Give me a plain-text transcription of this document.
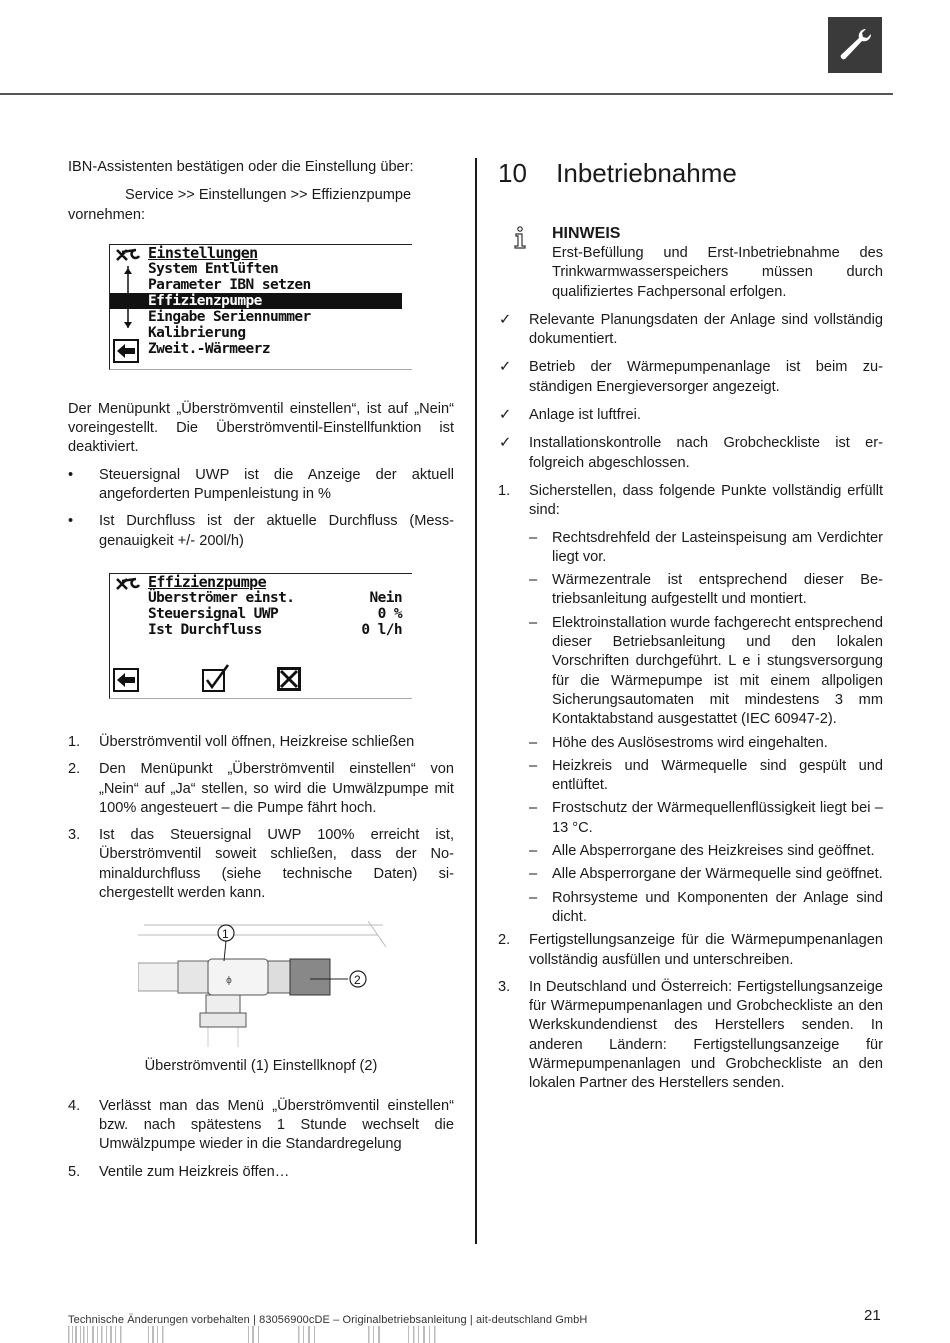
IBN-Assistenten bestätigen oder die Einstellung über:

Service >> Einstellungen >> Effizienzpumpe

vornehmen:

Einstellungen
System Entlüften
Parameter IBN setzen
Effizienzpumpe
Eingabe Seriennummer
Kalibrierung
Zweit.-Wärmeerz

Der Menüpunkt „Überströmventil einstellen“, ist auf „Nein“ voreingestellt. Die Überströmventil-Einstellfunktion ist deaktiviert.

• Steuersignal UWP ist die Anzeige der aktuell angeforderten Pumpenleistung in %
• Ist Durchfluss ist der aktuelle Durchfluss (Messgenauigkeit +/- 200l/h)
Effizienzpumpe
Überströmer einst.	Nein
Steuersignal UWP	0 %
Ist Durchfluss	0 l/h
1. Überströmventil voll öffnen, Heizkreise schließen
2. Den Menüpunkt „Überströmventil einstellen“ von „Nein“ auf „Ja“ stellen, so wird die Umwälzpumpe mit 100% angesteuert – die Pumpe fährt hoch.
3. Ist das Steuersignal UWP 100% erreicht ist, Überströmventil soweit schließen, dass der Nominaldurchfluss (siehe technische Daten) sichergestellt werden kann.
ɸ
1
2

Überströmventil (1) Einstellknopf (2)

4. Verlässt man das Menü „Überströmventil einstellen“ bzw. nach spätestens 1 Stunde wechselt die Umwälzpumpe wieder in die Standardregelung
5. Ventile zum Heizkreis öffen…
10 Inbetriebnahme
HINWEIS

Erst-Befüllung und Erst-Inbetriebnahme des Trinkwarmwasserspeichers müssen durch qualifiziertes Fachpersonal erfolgen.

✓ Relevante Planungsdaten der Anlage sind vollständig dokumentiert.
✓ Betrieb der Wärmepumpenanlage ist beim zuständigen Energieversorger angezeigt.
✓ Anlage ist luftfrei.
✓ Installationskontrolle nach Grobcheckliste ist erfolgreich abgeschlossen.
1. Sicherstellen, dass folgende Punkte vollständig erfüllt sind:
– Rechtsdrehfeld der Lasteinspeisung am Verdichter liegt vor.
– Wärmezentrale ist entsprechend dieser Betriebsanleitung aufgestellt und montiert.
– Elektroinstallation wurde fachgerecht entsprechend dieser Betriebsanleitung und den lokalen Vorschriften durchgeführt. L e i stungsversorgung für die Wärmepumpe ist mit einem allpoligen Sicherungsautomaten mit mindestens 3 mm Kontaktabstand ausgestattet (IEC 60947-2).
– Höhe des Auslösestroms wird eingehalten.
– Heizkreis und Wärmequelle sind gespült und entlüftet.
– Frostschutz der Wärmequellenflüssigkeit liegt bei –13 °C.
– Alle Absperrorgane des Heizkreises sind geöffnet.
– Alle Absperrorgane der Wärmequelle sind geöffnet.
– Rohrsysteme und Komponenten der Anlage sind dicht.
2. Fertigstellungsanzeige für die Wärmepumpenanlagen vollständig ausfüllen und unterschreiben.
3. In Deutschland und Österreich: Fertigstellungsanzeige für Wärmepumpenanlagen und Grobcheckliste an den Werkskundendienst des Herstellers senden. In anderen Ländern: Fertigstellungsanzeige für Wärmepumpenanlagen und Grobcheckliste an den lokalen Partner des Herstellers senden.
Technische Änderungen vorbehalten | 83056900cDE – Originalbetriebsanleitung | ait-deutschland GmbH	21
